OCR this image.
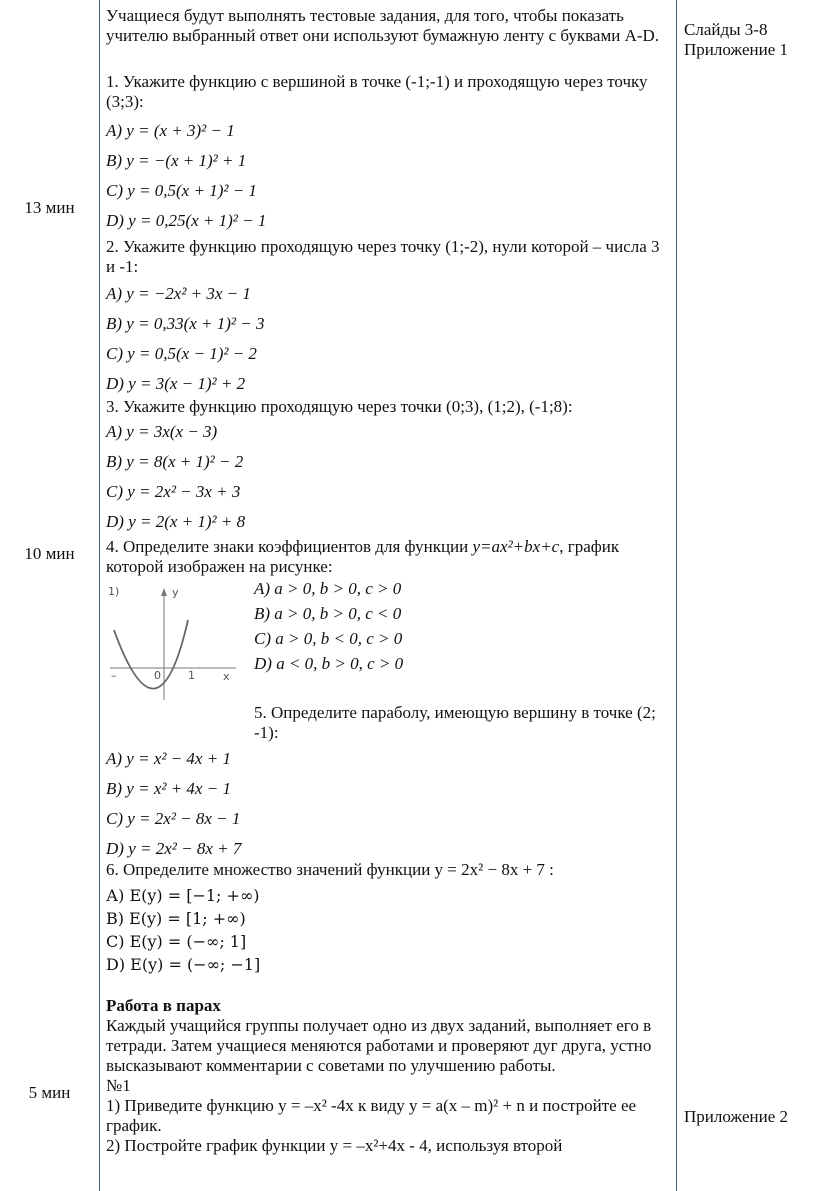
13 мин
10 мин
5 мин
Слайды 3-8
Приложение 1
Приложение 2
Учащиеся будут выполнять тестовые задания, для того, чтобы показать учителю выбранный ответ они используют бумажную ленту с буквами A-D.

1. Укажите функцию с вершиной в точке (-1;-1) и проходящую через точку (3;3):

А) y = (x + 3)² − 1
В) y = −(x + 1)² + 1
С) y = 0,5(x + 1)² − 1
D) y = 0,25(x + 1)² − 1

2. Укажите функцию проходящую через точку (1;-2), нули которой – числа 3 и -1:

А) y = −2x² + 3x − 1
В) y = 0,33(x + 1)² − 3
С) y = 0,5(x − 1)² − 2
D) y = 3(x − 1)² + 2

3. Укажите функцию проходящую через точки (0;3), (1;2), (-1;8):

А) y = 3x(x − 3)
В) y = 8(x + 1)² − 2
С) y = 2x² − 3x + 3
D) y = 2(x + 1)² + 8

4. Определите знаки коэффициентов для функции y=ax²+bx+c, график которой изображен на рисунке:

1)	y
x
0 1
–
А) a > 0, b > 0, c > 0
В) a > 0, b > 0, c < 0
С) a > 0, b < 0, c > 0
D) a < 0, b > 0, c > 0
5. Определите параболу, имеющую вершину в точке (2; -1):
А) y = x² − 4x + 1
В) y = x² + 4x − 1
С) y = 2x² − 8x − 1
D) y = 2x² − 8x + 7

6. Определите множество значений функции y = 2x² − 8x + 7 :

А) E(y) = [−1; +∞)
В) E(y) = [1; +∞)
С) E(y) = (−∞; 1]
D) E(y) = (−∞; −1]

Работа в парах

Каждый учащийся группы получает одно из двух заданий, выполняет его в тетради. Затем учащиеся меняются работами и проверяют дуг друга, устно высказывают комментарии с советами по улучшению работы.

№1

1) Приведите функцию y = –x² -4x к виду y = a(x – m)² + n и постройте ее график.

2) Постройте график функции y = –x²+4x - 4, используя второй
